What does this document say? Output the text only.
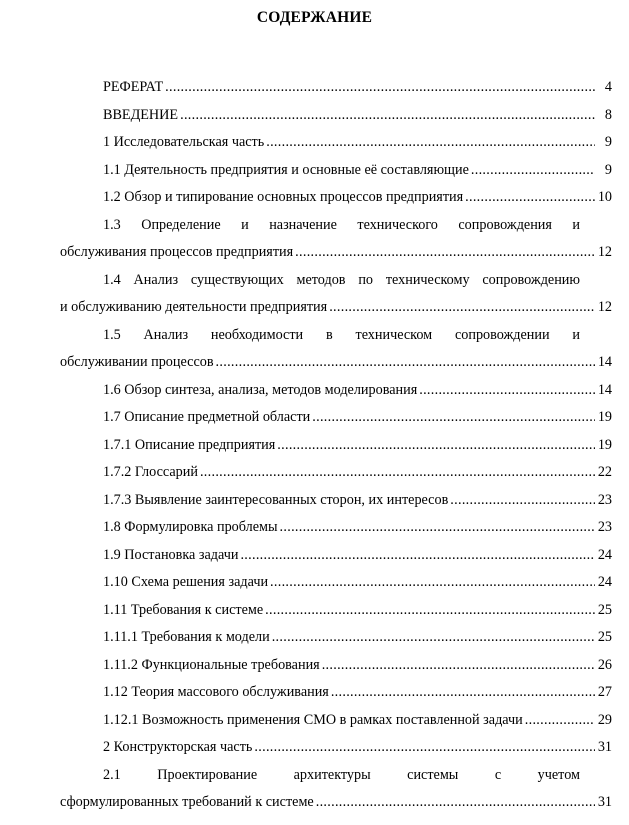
СОДЕРЖАНИЕ
РЕФЕРАТ .....	4
ВВЕДЕНИЕ .....	8
1 Исследовательская часть .....	9
1.1 Деятельность предприятия и основные её составляющие .....	9
1.2 Обзор и типирование основных процессов предприятия .....	10
1.3 Определение и назначение технического сопровождения и
обслуживания процессов предприятия .....	12
1.4 Анализ существующих методов по техническому сопровождению
и обслуживанию деятельности предприятия .....	12
1.5 Анализ необходимости в техническом сопровождении и
обслуживании процессов .....	14
1.6 Обзор синтеза, анализа, методов моделирования .....	14
1.7 Описание предметной области .....	19
1.7.1 Описание предприятия .....	19
1.7.2 Глоссарий .....	22
1.7.3 Выявление заинтересованных сторон, их интересов .....	23
1.8 Формулировка проблемы .....	23
1.9 Постановка задачи .....	24
1.10 Схема решения задачи .....	24
1.11 Требования к системе .....	25
1.11.1 Требования к модели .....	25
1.11.2 Функциональные требования .....	26
1.12 Теория массового обслуживания .....	27
1.12.1 Возможность применения СМО в рамках поставленной задачи .....	29
2 Конструкторская часть .....	31
2.1 Проектирование архитектуры системы с учетом
сформулированных требований к системе .....	31
